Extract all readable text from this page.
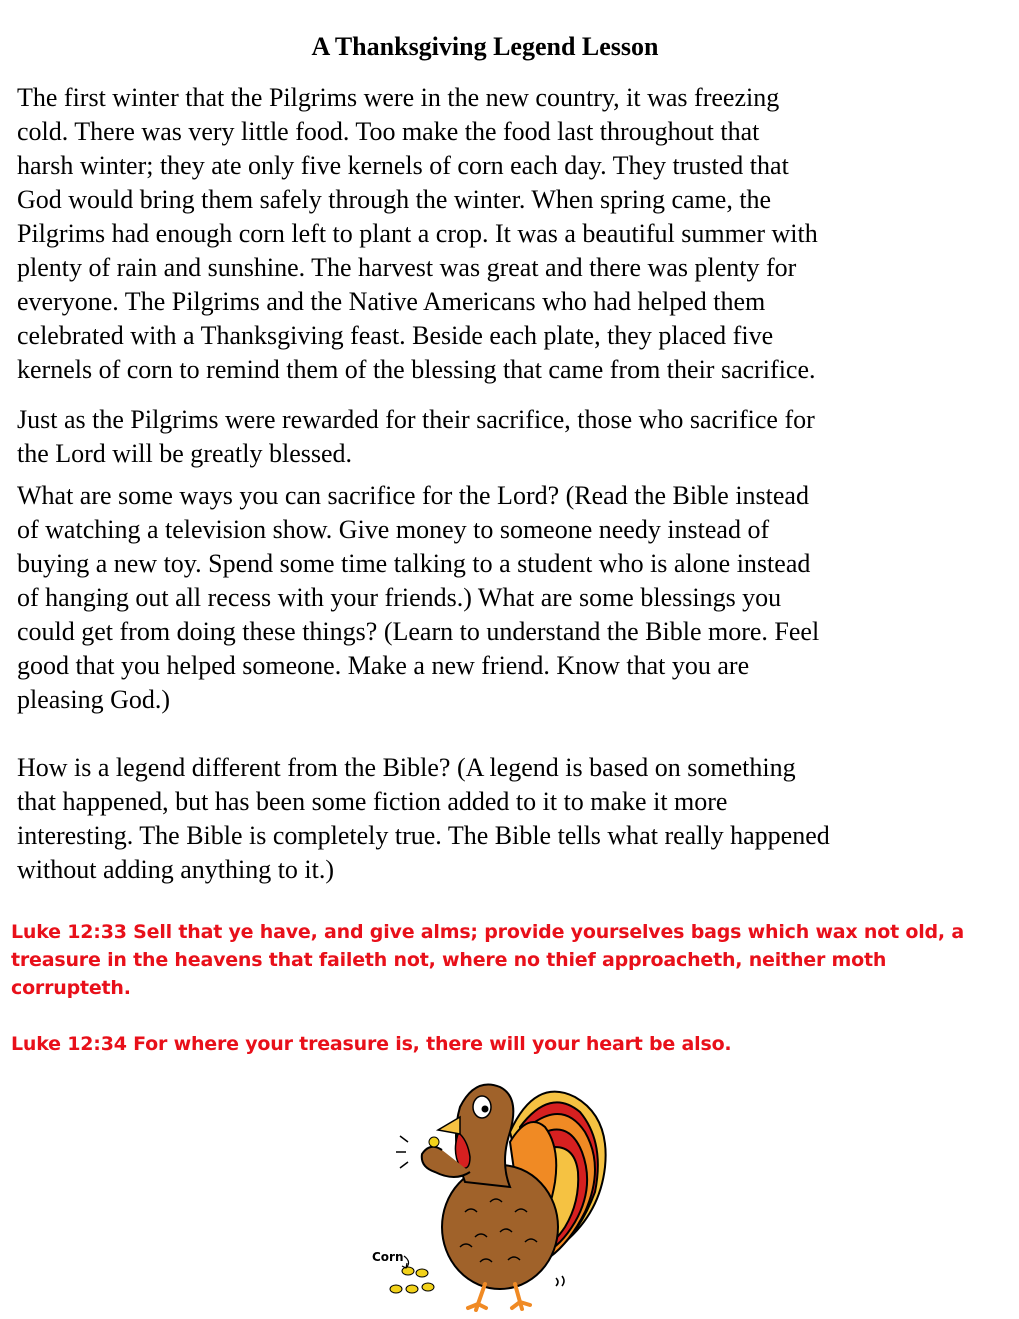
A Thanksgiving Legend Lesson

The first winter that the Pilgrims were in the new country, it was freezing
cold. There was very little food. Too make the food last throughout that
harsh winter; they ate only five kernels of corn each day. They trusted that
God would bring them safely through the winter. When spring came, the
Pilgrims had enough corn left to plant a crop. It was a beautiful summer with
plenty of rain and sunshine. The harvest was great and there was plenty for
everyone. The Pilgrims and the Native Americans who had helped them
celebrated with a Thanksgiving feast. Beside each plate, they placed five
kernels of corn to remind them of the blessing that came from their sacrifice.

Just as the Pilgrims were rewarded for their sacrifice, those who sacrifice for
the Lord will be greatly blessed.

What are some ways you can sacrifice for the Lord? (Read the Bible instead
of watching a television show. Give money to someone needy instead of
buying a new toy. Spend some time talking to a student who is alone instead
of hanging out all recess with your friends.) What are some blessings you
could get from doing these things? (Learn to understand the Bible more. Feel
good that you helped someone. Make a new friend. Know that you are
pleasing God.)

How is a legend different from the Bible? (A legend is based on something
that happened, but has been some fiction added to it to make it more
interesting. The Bible is completely true. The Bible tells what really happened
without adding anything to it.)

Luke 12:33 Sell that ye have, and give alms; provide yourselves bags which wax not old, a
treasure in the heavens that faileth not, where no thief approacheth, neither moth
corrupteth.

Luke 12:34 For where your treasure is, there will your heart be also.

Corn
